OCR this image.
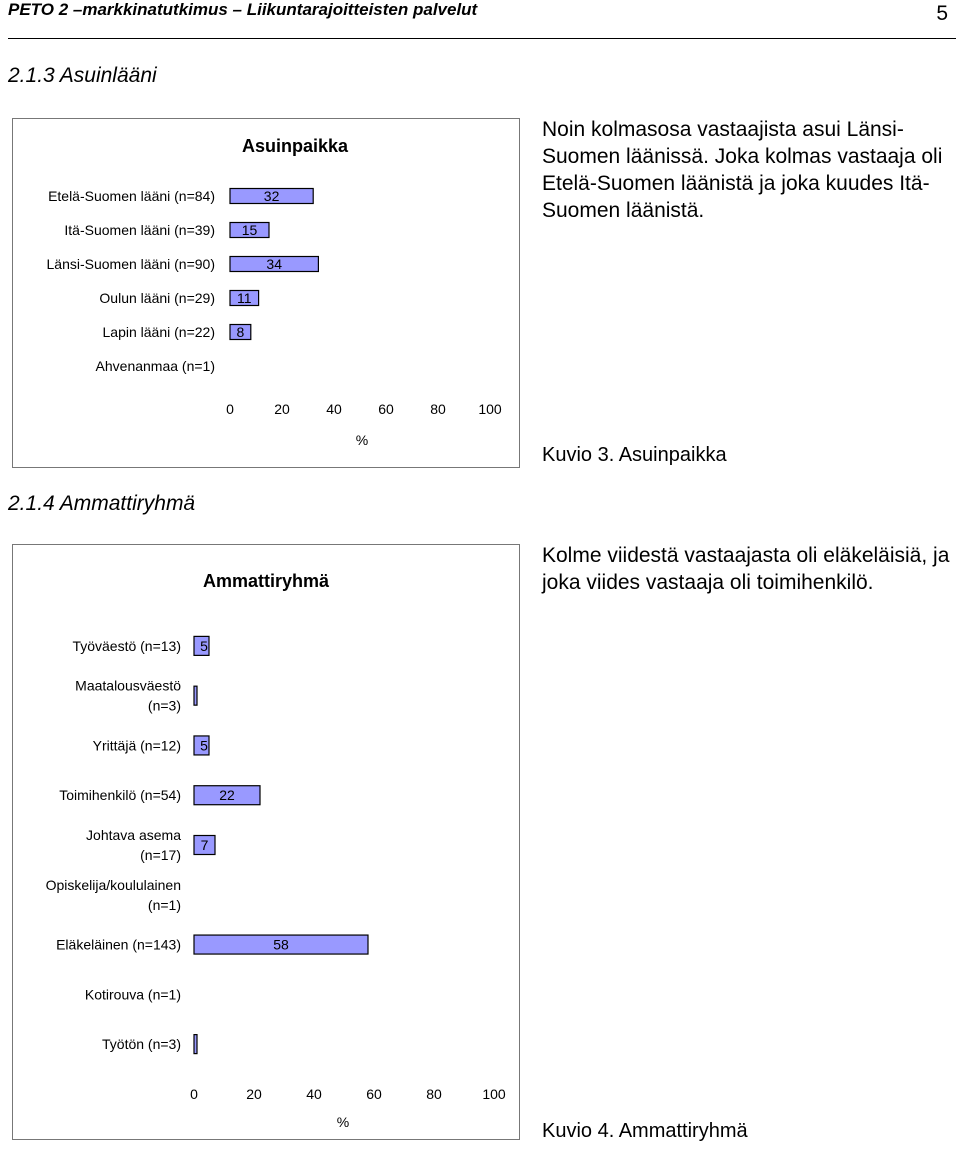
PETO 2 –markkinatutkimus – Liikuntarajoitteisten palvelut	5
2.1.3 Asuinlääni
Asuinpaikka
Etelä-Suomen lääni (n=84)	32
Itä-Suomen lääni (n=39) 15
Länsi-Suomen lääni (n=90)	34
Oulun lääni (n=29) 11
Lapin lääni (n=22) 8
Ahvenanmaa (n=1)
0	20	40	60	80 100
%
Noin kolmasosa vastaajista asui Länsi-Suomen läänissä. Joka kolmas vastaaja oli Etelä-Suomen läänistä ja joka kuudes Itä-Suomen läänistä.
Kuvio 3. Asuinpaikka
2.1.4 Ammattiryhmä
Ammattiryhmä
Työväestö (n=13) 5
Maatalousväestö
(n=3)
Yrittäjä (n=12) 5
Toimihenkilö (n=54)	22
Johtava asema
(n=17)
7
Opiskelija/koululainen
(n=1)
Eläkeläinen (n=143)	58
Kotirouva (n=1)
Työtön (n=3)
0	20	40	60	80	100
%
Kolme viidestä vastaajasta oli eläkeläisiä, ja joka viides vastaaja oli toimihenkilö.
Kuvio 4. Ammattiryhmä
